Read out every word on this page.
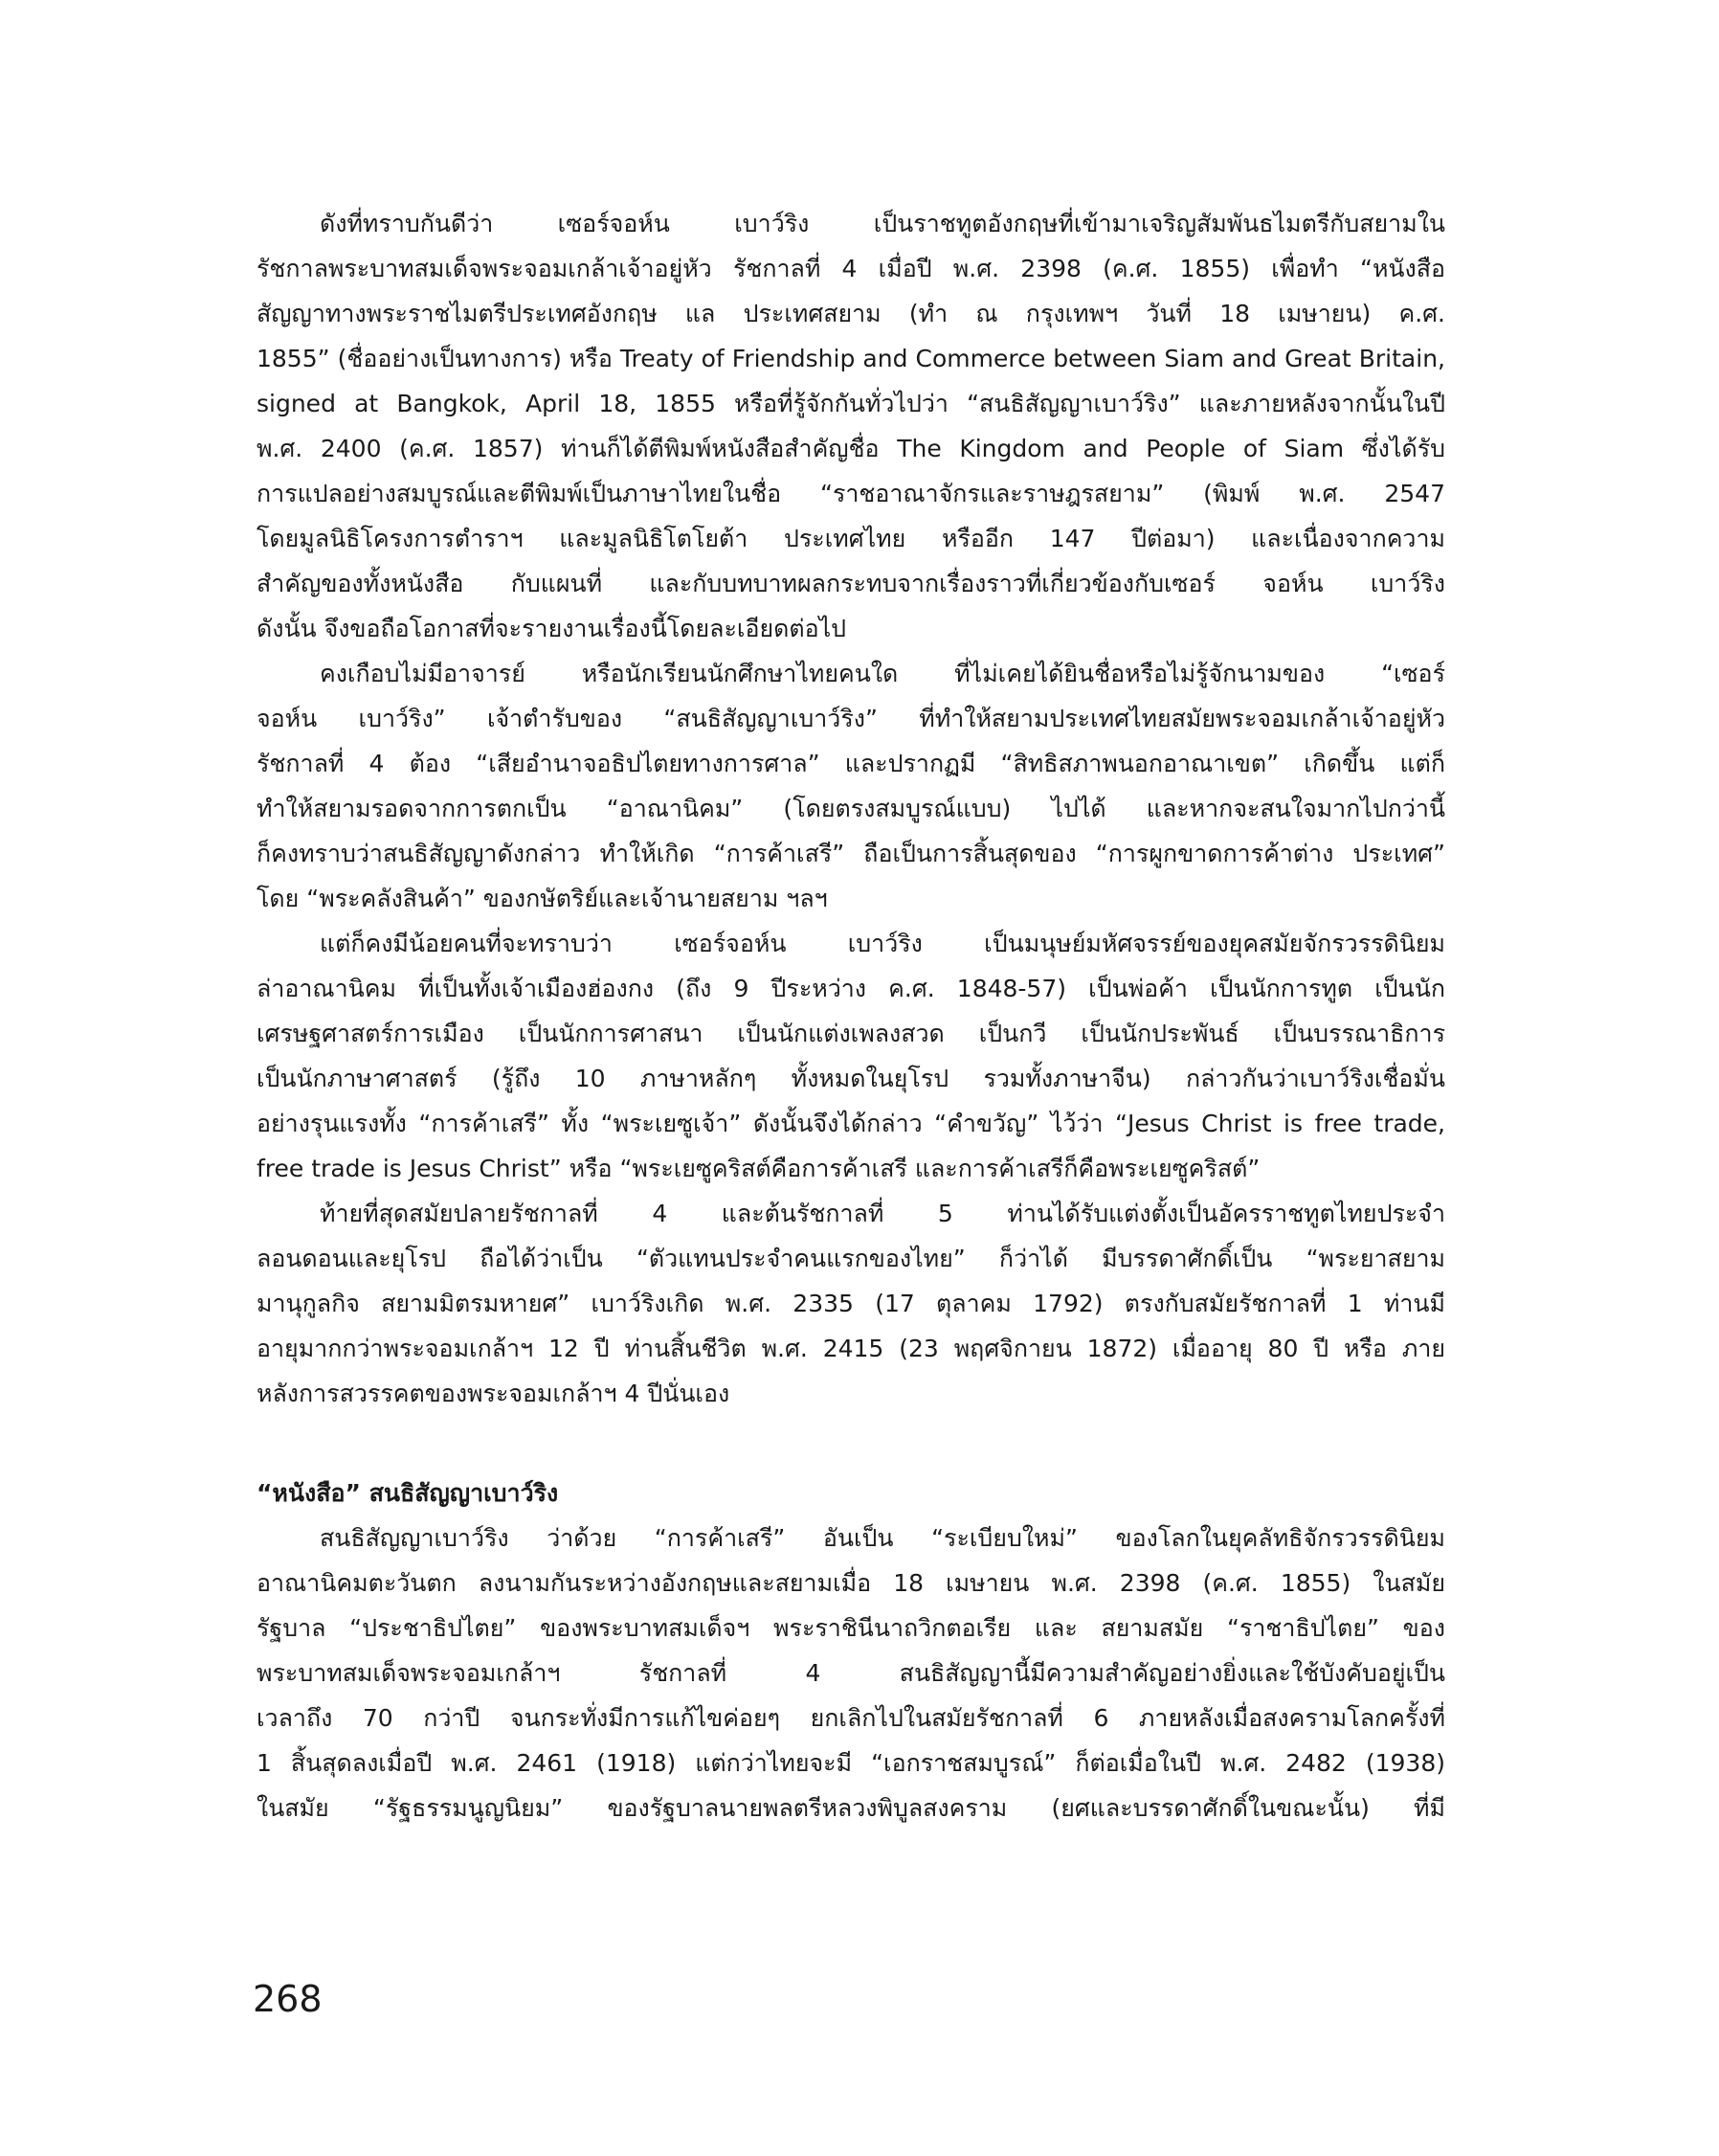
ดังที่ทราบกันดีว่า เซอร์จอห์น เบาว์ริง เป็นราชทูตอังกฤษที่เข้ามาเจริญสัมพันธไมตรีกับสยามใน
รัชกาลพระบาทสมเด็จพระจอมเกล้าเจ้าอยู่หัว รัชกาลที่ 4 เมื่อปี พ.ศ. 2398 (ค.ศ. 1855) เพื่อทำ “หนังสือ
สัญญาทางพระราชไมตรีประเทศอังกฤษ แล ประเทศสยาม (ทำ ณ กรุงเทพฯ วันที่ 18 เมษายน) ค.ศ.
1855” (ชื่ออย่างเป็นทางการ) หรือ Treaty of Friendship and Commerce between Siam and Great Britain,
signed at Bangkok, April 18, 1855 หรือที่รู้จักกันทั่วไปว่า “สนธิสัญญาเบาว์ริง” และภายหลังจากนั้นในปี
พ.ศ. 2400 (ค.ศ. 1857) ท่านก็ได้ตีพิมพ์หนังสือสำคัญชื่อ The Kingdom and People of Siam ซึ่งได้รับ
การแปลอย่างสมบูรณ์และตีพิมพ์เป็นภาษาไทยในชื่อ “ราชอาณาจักรและราษฎรสยาม” (พิมพ์ พ.ศ. 2547
โดยมูลนิธิโครงการตำราฯ และมูลนิธิโตโยต้า ประเทศไทย หรืออีก 147 ปีต่อมา) และเนื่องจากความ
สำคัญของทั้งหนังสือ กับแผนที่ และกับบทบาทผลกระทบจากเรื่องราวที่เกี่ยวข้องกับเซอร์ จอห์น เบาว์ริง
ดังนั้น จึงขอถือโอกาสที่จะรายงานเรื่องนี้โดยละเอียดต่อไป
คงเกือบไม่มีอาจารย์ หรือนักเรียนนักศึกษาไทยคนใด ที่ไม่เคยได้ยินชื่อหรือไม่รู้จักนามของ “เซอร์
จอห์น เบาว์ริง” เจ้าตำรับของ “สนธิสัญญาเบาว์ริง” ที่ทำให้สยามประเทศไทยสมัยพระจอมเกล้าเจ้าอยู่หัว
รัชกาลที่ 4 ต้อง “เสียอำนาจอธิปไตยทางการศาล” และปรากฏมี “สิทธิสภาพนอกอาณาเขต” เกิดขึ้น แต่ก็
ทำให้สยามรอดจากการตกเป็น “อาณานิคม” (โดยตรงสมบูรณ์แบบ) ไปได้ และหากจะสนใจมากไปกว่านี้
ก็คงทราบว่าสนธิสัญญาดังกล่าว ทำให้เกิด “การค้าเสรี” ถือเป็นการสิ้นสุดของ “การผูกขาดการค้าต่าง ประเทศ”
โดย “พระคลังสินค้า” ของกษัตริย์และเจ้านายสยาม ฯลฯ
แต่ก็คงมีน้อยคนที่จะทราบว่า เซอร์จอห์น เบาว์ริง เป็นมนุษย์มหัศจรรย์ของยุคสมัยจักรวรรดินิยม
ล่าอาณานิคม ที่เป็นทั้งเจ้าเมืองฮ่องกง (ถึง 9 ปีระหว่าง ค.ศ. 1848-57) เป็นพ่อค้า เป็นนักการทูต เป็นนัก
เศรษฐศาสตร์การเมือง เป็นนักการศาสนา เป็นนักแต่งเพลงสวด เป็นกวี เป็นนักประพันธ์ เป็นบรรณาธิการ
เป็นนักภาษาศาสตร์ (รู้ถึง 10 ภาษาหลักๆ ทั้งหมดในยุโรป รวมทั้งภาษาจีน) กล่าวกันว่าเบาว์ริงเชื่อมั่น
อย่างรุนแรงทั้ง “การค้าเสรี” ทั้ง “พระเยซูเจ้า” ดังนั้นจึงได้กล่าว “คำขวัญ” ไว้ว่า “Jesus Christ is free trade,
free trade is Jesus Christ” หรือ “พระเยซูคริสต์คือการค้าเสรี และการค้าเสรีก็คือพระเยซูคริสต์”
ท้ายที่สุดสมัยปลายรัชกาลที่ 4 และต้นรัชกาลที่ 5 ท่านได้รับแต่งตั้งเป็นอัครราชทูตไทยประจำ
ลอนดอนและยุโรป ถือได้ว่าเป็น “ตัวแทนประจำคนแรกของไทย” ก็ว่าได้ มีบรรดาศักดิ์เป็น “พระยาสยาม
มานุกูลกิจ สยามมิตรมหายศ” เบาว์ริงเกิด พ.ศ. 2335 (17 ตุลาคม 1792) ตรงกับสมัยรัชกาลที่ 1 ท่านมี
อายุมากกว่าพระจอมเกล้าฯ 12 ปี ท่านสิ้นชีวิต พ.ศ. 2415 (23 พฤศจิกายน 1872) เมื่ออายุ 80 ปี หรือ ภาย
หลังการสวรรคตของพระจอมเกล้าฯ 4 ปีนั่นเอง
“หนังสือ” สนธิสัญญาเบาว์ริง
สนธิสัญญาเบาว์ริง ว่าด้วย “การค้าเสรี” อันเป็น “ระเบียบใหม่” ของโลกในยุคลัทธิจักรวรรดินิยม
อาณานิคมตะวันตก ลงนามกันระหว่างอังกฤษและสยามเมื่อ 18 เมษายน พ.ศ. 2398 (ค.ศ. 1855) ในสมัย
รัฐบาล “ประชาธิปไตย” ของพระบาทสมเด็จฯ พระราชินีนาถวิกตอเรีย และ สยามสมัย “ราชาธิปไตย” ของ
พระบาทสมเด็จพระจอมเกล้าฯ รัชกาลที่ 4 สนธิสัญญานี้มีความสำคัญอย่างยิ่งและใช้บังคับอยู่เป็น
เวลาถึง 70 กว่าปี จนกระทั่งมีการแก้ไขค่อยๆ ยกเลิกไปในสมัยรัชกาลที่ 6 ภายหลังเมื่อสงครามโลกครั้งที่
1 สิ้นสุดลงเมื่อปี พ.ศ. 2461 (1918) แต่กว่าไทยจะมี “เอกราชสมบูรณ์” ก็ต่อเมื่อในปี พ.ศ. 2482 (1938)
ในสมัย “รัฐธรรมนูญนิยม” ของรัฐบาลนายพลตรีหลวงพิบูลสงคราม (ยศและบรรดาศักดิ์ในขณะนั้น) ที่มี
268
